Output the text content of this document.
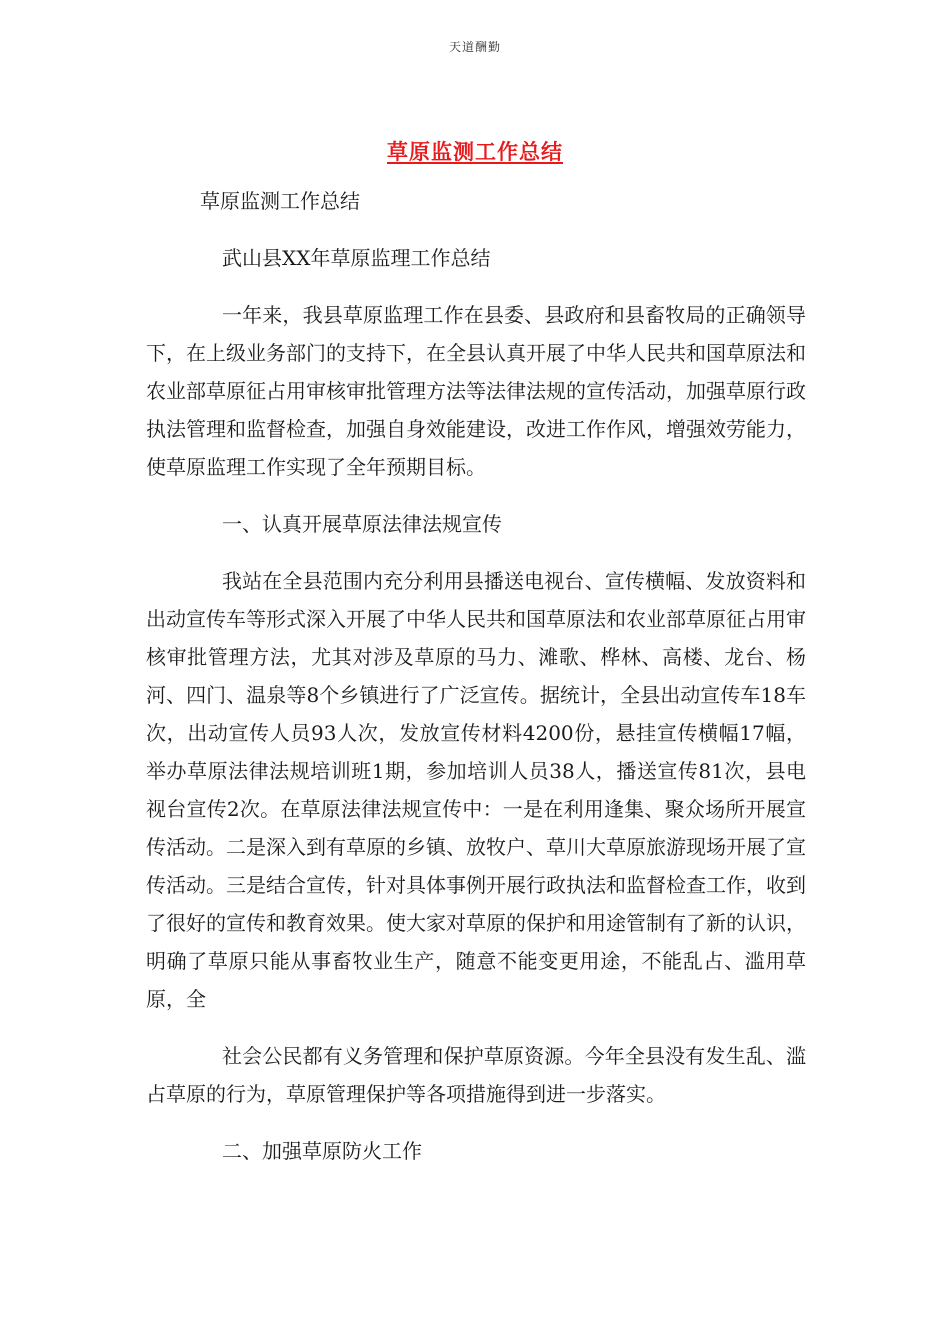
天道酬勤
草原监测工作总结

草原监测工作总结

武山县XX年草原监理工作总结

一年来，我县草原监理工作在县委、县政府和县畜牧局的正确领导下，在上级业务部门的支持下，在全县认真开展了中华人民共和国草原法和农业部草原征占用审核审批管理方法等法律法规的宣传活动，加强草原行政执法管理和监督检查，加强自身效能建设，改进工作作风，增强效劳能力，使草原监理工作实现了全年预期目标。

一、认真开展草原法律法规宣传

我站在全县范围内充分利用县播送电视台、宣传横幅、发放资料和出动宣传车等形式深入开展了中华人民共和国草原法和农业部草原征占用审核审批管理方法，尤其对涉及草原的马力、滩歌、桦林、高楼、龙台、杨河、四门、温泉等8个乡镇进行了广泛宣传。据统计，全县出动宣传车18车次，出动宣传人员93人次，发放宣传材料4200份，悬挂宣传横幅17幅，举办草原法律法规培训班1期，参加培训人员38人，播送宣传81次，县电视台宣传2次。在草原法律法规宣传中：一是在利用逢集、聚众场所开展宣传活动。二是深入到有草原的乡镇、放牧户、草川大草原旅游现场开展了宣传活动。三是结合宣传，针对具体事例开展行政执法和监督检查工作，收到了很好的宣传和教育效果。使大家对草原的保护和用途管制有了新的认识，明确了草原只能从事畜牧业生产，随意不能变更用途，不能乱占、滥用草原，全

社会公民都有义务管理和保护草原资源。今年全县没有发生乱、滥占草原的行为，草原管理保护等各项措施得到进一步落实。

二、加强草原防火工作
